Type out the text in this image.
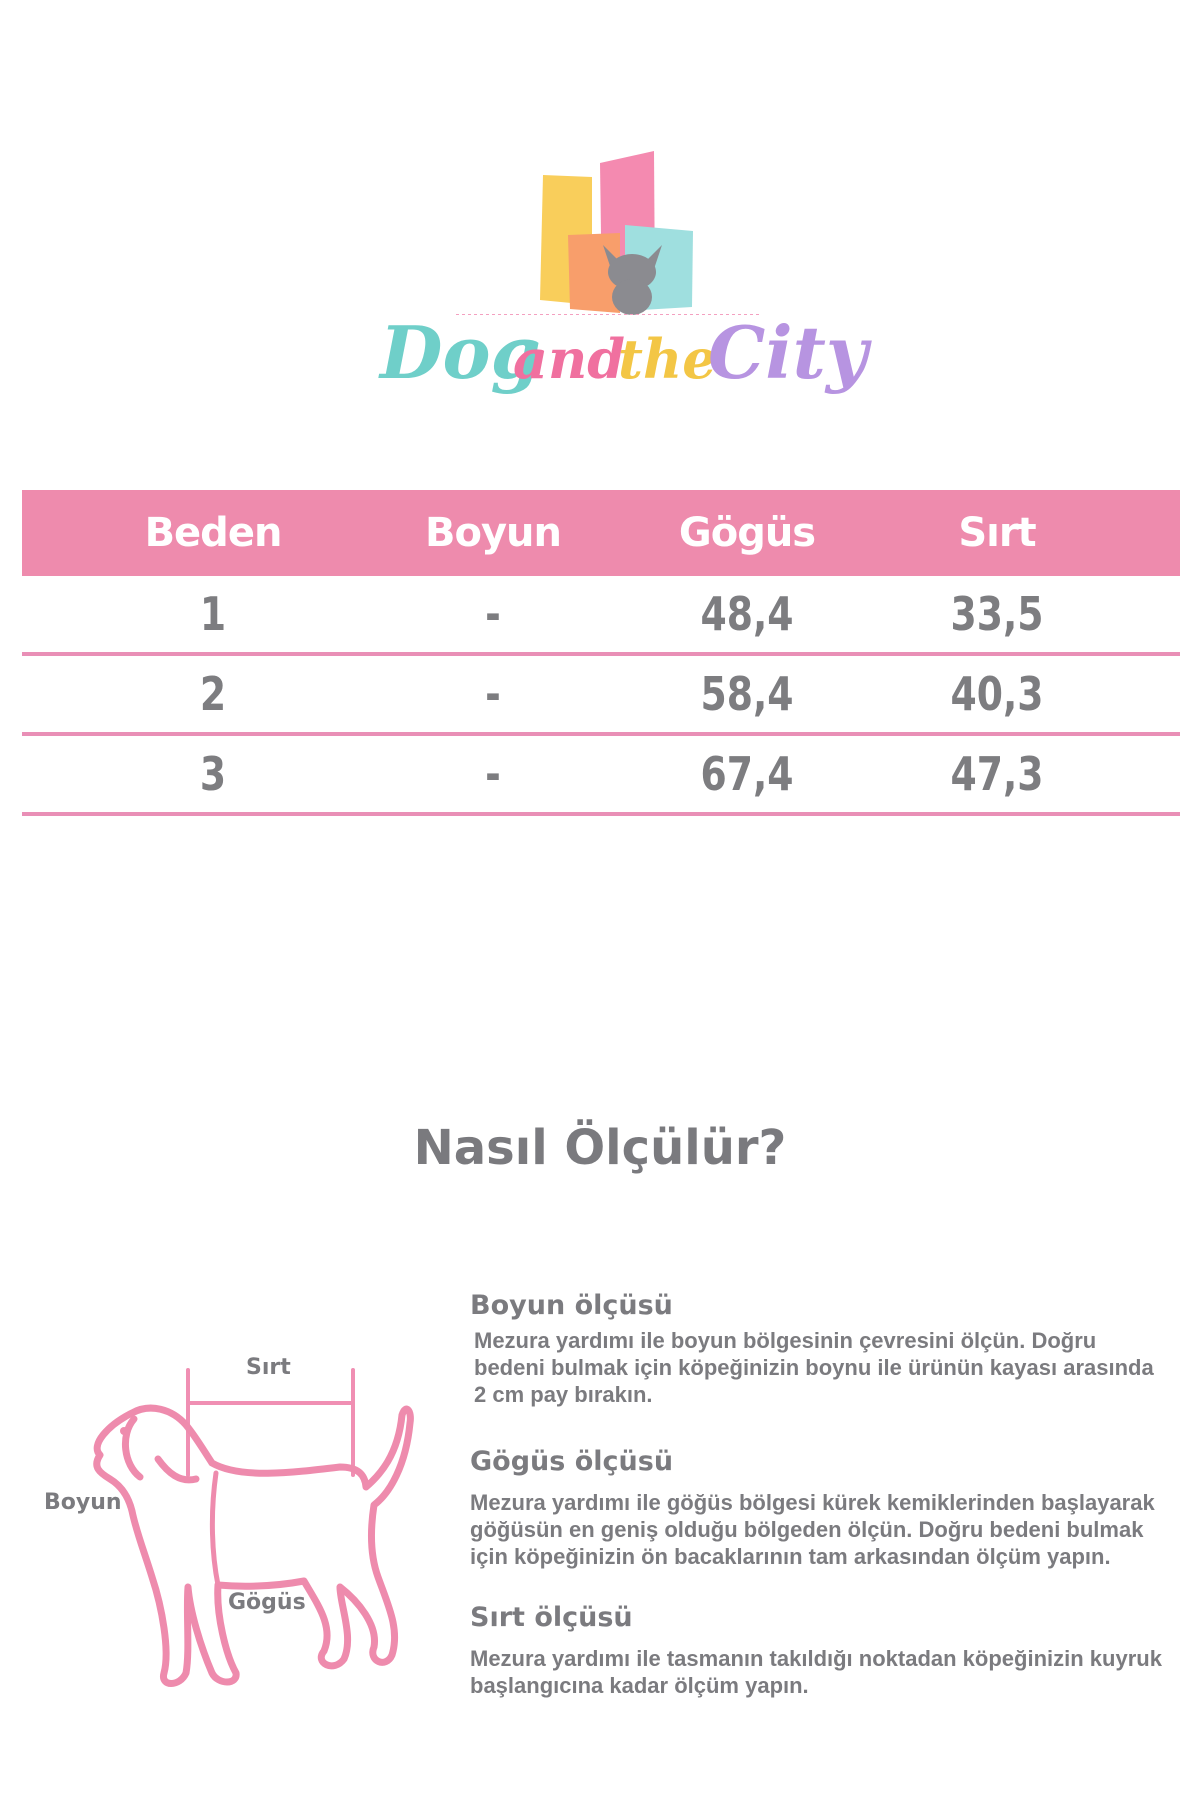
Dog
and
the
City
Beden	Boyun	Gögüs	Sırt
1	-	48,4	33,5
2	-	58,4	40,3
3	-	67,4	47,3
Nasıl Ölçülür?
Sırt
Boyun
Gögüs
Boyun ölçüsü
Mezura yardımı ile boyun bölgesinin çevresini ölçün. Doğru
bedeni bulmak için köpeğinizin boynu ile ürünün kayası arasında
2 cm pay bırakın.
Gögüs ölçüsü
Mezura yardımı ile göğüs bölgesi kürek kemiklerinden başlayarak
göğüsün en geniş olduğu bölgeden ölçün. Doğru bedeni bulmak
için köpeğinizin ön bacaklarının tam arkasından ölçüm yapın.
Sırt ölçüsü
Mezura yardımı ile tasmanın takıldığı noktadan köpeğinizin kuyruk
başlangıcına kadar ölçüm yapın.
